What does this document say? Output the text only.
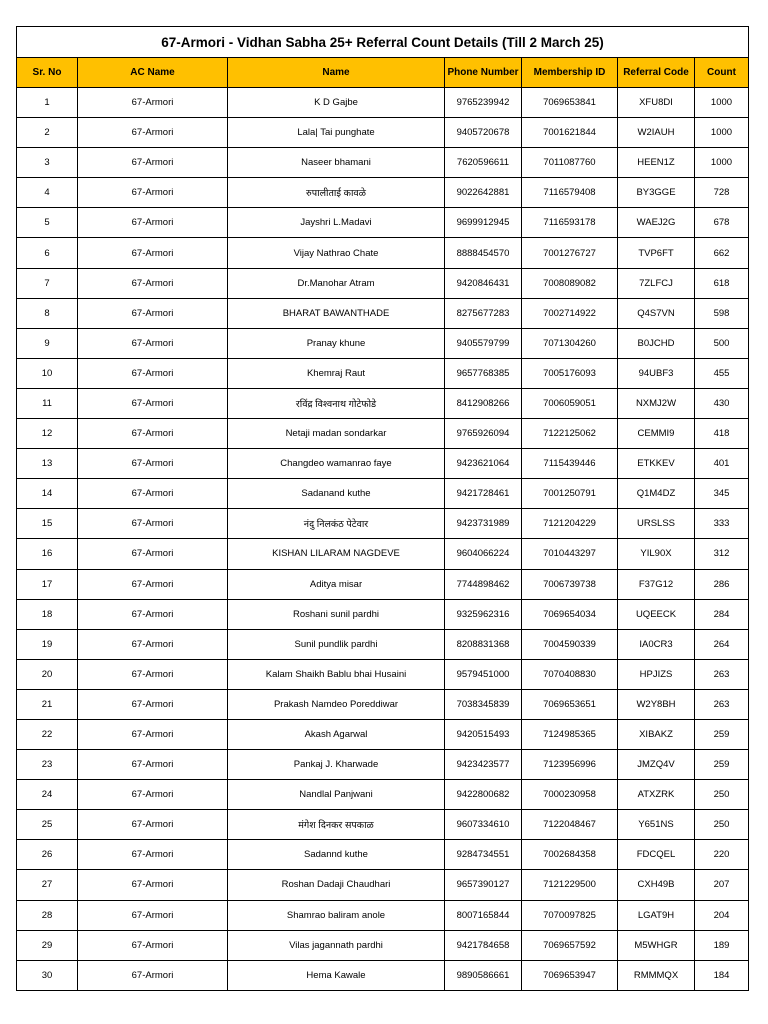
67-Armori - Vidhan Sabha 25+ Referral Count Details (Till 2 March 25)						
Sr. No	AC Name	Name	Phone Number	Membership ID	Referral Code	Count
1	67-Armori	K D Gajbe	9765239942	7069653841	XFU8DI	1000
2	67-Armori	Lala| Tai punghate	9405720678	7001621844	W2IAUH	1000
3	67-Armori	Naseer bhamani	7620596611	7011087760	HEEN1Z	1000
4	67-Armori	रुपालीताई कावळे	9022642881	7116579408	BY3GGE	728
5	67-Armori	Jayshri L.Madavi	9699912945	7116593178	WAEJ2G	678
6	67-Armori	Vijay Nathrao Chate	8888454570	7001276727	TVP6FT	662
7	67-Armori	Dr.Manohar Atram	9420846431	7008089082	7ZLFCJ	618
8	67-Armori	BHARAT BAWANTHADE	8275677283	7002714922	Q4S7VN	598
9	67-Armori	Pranay khune	9405579799	7071304260	B0JCHD	500
10	67-Armori	Khemraj Raut	9657768385	7005176093	94UBF3	455
11	67-Armori	रविंद्र विश्वनाथ गोटेफोडे	8412908266	7006059051	NXMJ2W	430
12	67-Armori	Netaji madan sondarkar	9765926094	7122125062	CEMMI9	418
13	67-Armori	Changdeo wamanrao faye	9423621064	7115439446	ETKKEV	401
14	67-Armori	Sadanand kuthe	9421728461	7001250791	Q1M4DZ	345
15	67-Armori	नंदु निलकंठ पेटेवार	9423731989	7121204229	URSLSS	333
16	67-Armori	KISHAN LILARAM NAGDEVE	9604066224	7010443297	YIL90X	312
17	67-Armori	Aditya misar	7744898462	7006739738	F37G12	286
18	67-Armori	Roshani sunil pardhi	9325962316	7069654034	UQEECK	284
19	67-Armori	Sunil pundlik pardhi	8208831368	7004590339	IA0CR3	264
20	67-Armori	Kalam Shaikh Bablu bhai Husaini	9579451000	7070408830	HPJIZS	263
21	67-Armori	Prakash Namdeo Poreddiwar	7038345839	7069653651	W2Y8BH	263
22	67-Armori	Akash Agarwal	9420515493	7124985365	XIBAKZ	259
23	67-Armori	Pankaj J. Kharwade	9423423577	7123956996	JMZQ4V	259
24	67-Armori	Nandlal Panjwani	9422800682	7000230958	ATXZRK	250
25	67-Armori	मंगेश दिनकर सपकाळ	9607334610	7122048467	Y651NS	250
26	67-Armori	Sadannd kuthe	9284734551	7002684358	FDCQEL	220
27	67-Armori	Roshan Dadaji Chaudhari	9657390127	7121229500	CXH49B	207
28	67-Armori	Shamrao baliram anole	8007165844	7070097825	LGAT9H	204
29	67-Armori	Vilas jagannath pardhi	9421784658	7069657592	M5WHGR	189
30	67-Armori	Hema Kawale	9890586661	7069653947	RMMMQX	184
